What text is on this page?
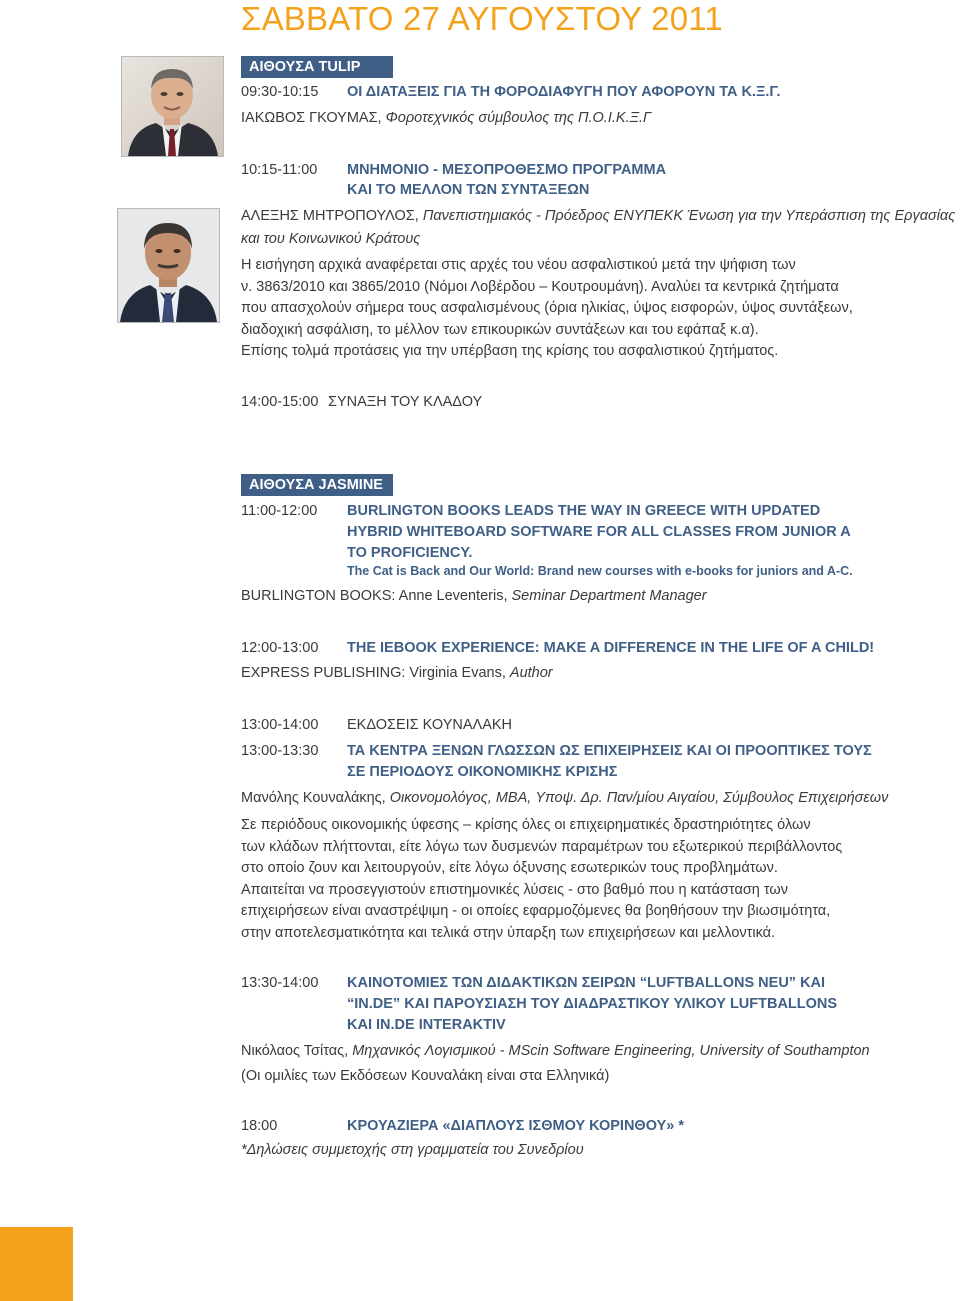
ΣΑΒΒΑΤΟ 27 ΑΥΓΟΥΣΤΟΥ 2011
ΑΙΘΟΥΣΑ TULIP
09:30-10:15 ΟΙ ΔΙΑΤΑΞΕΙΣ ΓΙΑ ΤΗ ΦΟΡΟΔΙΑΦΥΓΗ ΠΟΥ ΑΦΟΡΟΥΝ ΤΑ Κ.Ξ.Γ.
ΙΑΚΩΒΟΣ ΓΚΟΥΜΑΣ, Φοροτεχνικός σύμβουλος της Π.Ο.Ι.Κ.Ξ.Γ
10:15-11:00 ΜΝΗΜΟΝΙΟ - ΜΕΣΟΠΡΟΘΕΣΜΟ ΠΡΟΓΡΑΜΜΑ
ΚΑΙ ΤΟ ΜΕΛΛΟΝ ΤΩΝ ΣΥΝΤΑΞΕΩΝ
ΑΛΕΞΗΣ ΜΗΤΡΟΠΟΥΛΟΣ, Πανεπιστημιακός - Πρόεδρος ΕΝΥΠΕΚΚ Ένωση για την Υπεράσπιση της Εργασίας
και του Κοινωνικού Κράτους
Η εισήγηση αρχικά αναφέρεται στις αρχές του νέου ασφαλιστικού μετά την ψήφιση των
ν. 3863/2010 και 3865/2010 (Νόμοι Λοβέρδου – Κουτρουμάνη). Αναλύει τα κεντρικά ζητήματα
που απασχολούν σήμερα τους ασφαλισμένους (όρια ηλικίας, ύψος εισφορών, ύψος συντάξεων,
διαδοχική ασφάλιση, το μέλλον των επικουρικών συντάξεων και του εφάπαξ κ.α).
Επίσης τολμά προτάσεις για την υπέρβαση της κρίσης του ασφαλιστικού ζητήματος.
14:00-15:00 ΣΥΝΑΞΗ ΤΟΥ ΚΛΑΔΟΥ
ΑΙΘΟΥΣΑ JASMINE
11:00-12:00 BURLINGTON BOOKS LEADS THE WAY IN GREECE WITH UPDATED
HYBRID WHITEBOARD SOFTWARE FOR ALL CLASSES FROM JUNIOR A
TO PROFICIENCY.
The Cat is Back and Our World: Brand new courses with e-books for juniors and A-C.
BURLINGTON BOOKS: Anne Leventeris, Seminar Department Manager
12:00-13:00 THE IEBOOK EXPERIENCE: MAKE A DIFFERENCE IN THE LIFE OF A CHILD!
EXPRESS PUBLISHING: Virginia Evans, Author
13:00-14:00 ΕΚΔΟΣΕΙΣ ΚΟΥΝΑΛΑΚΗ
13:00-13:30 ΤΑ ΚΕΝΤΡΑ ΞΕΝΩΝ ΓΛΩΣΣΩΝ ΩΣ ΕΠΙΧΕΙΡΗΣΕΙΣ ΚΑΙ ΟΙ ΠΡΟΟΠΤΙΚΕΣ ΤΟΥΣ
ΣΕ ΠΕΡΙΟΔΟΥΣ ΟΙΚΟΝΟΜΙΚΗΣ ΚΡΙΣΗΣ
Μανόλης Κουναλάκης, Οικονομολόγος, MBA, Υποψ. Δρ. Παν/μίου Αιγαίου, Σύμβουλος Επιχειρήσεων
Σε περιόδους οικονομικής ύφεσης – κρίσης όλες οι επιχειρηματικές δραστηριότητες όλων
των κλάδων πλήττονται, είτε λόγω των δυσμενών παραμέτρων του εξωτερικού περιβάλλοντος
στο οποίο ζουν και λειτουργούν, είτε λόγω όξυνσης εσωτερικών τους προβλημάτων.
Απαιτείται να προσεγγιστούν επιστημονικές λύσεις - στο βαθμό που η κατάσταση των
επιχειρήσεων είναι αναστρέψιμη - οι οποίες εφαρμοζόμενες θα βοηθήσουν την βιωσιμότητα,
στην αποτελεσματικότητα και τελικά στην ύπαρξη των επιχειρήσεων και μελλοντικά.
13:30-14:00 ΚΑΙΝΟΤΟΜΙΕΣ ΤΩΝ ΔΙΔΑΚΤΙΚΩΝ ΣΕΙΡΩΝ “LUFTBALLONS NEU” ΚΑΙ
“IN.DE” ΚΑΙ ΠΑΡΟΥΣΙΑΣΗ ΤΟΥ ΔΙΑΔΡΑΣΤΙΚΟΥ ΥΛΙΚΟΥ LUFTBALLONS
ΚΑΙ IN.DE INTERAKTIV
Νικόλαος Τσίτας, Μηχανικός Λογισμικού - MScin Software Engineering, University of Southampton
(Οι ομιλίες των Εκδόσεων Κουναλάκη είναι στα Ελληνικά)
18:00	ΚΡΟΥΑΖΙΕΡΑ «ΔΙΑΠΛΟΥΣ ΙΣΘΜΟΥ ΚΟΡΙΝΘΟΥ» *
*Δηλώσεις συμμετοχής στη γραμματεία του Συνεδρίου
